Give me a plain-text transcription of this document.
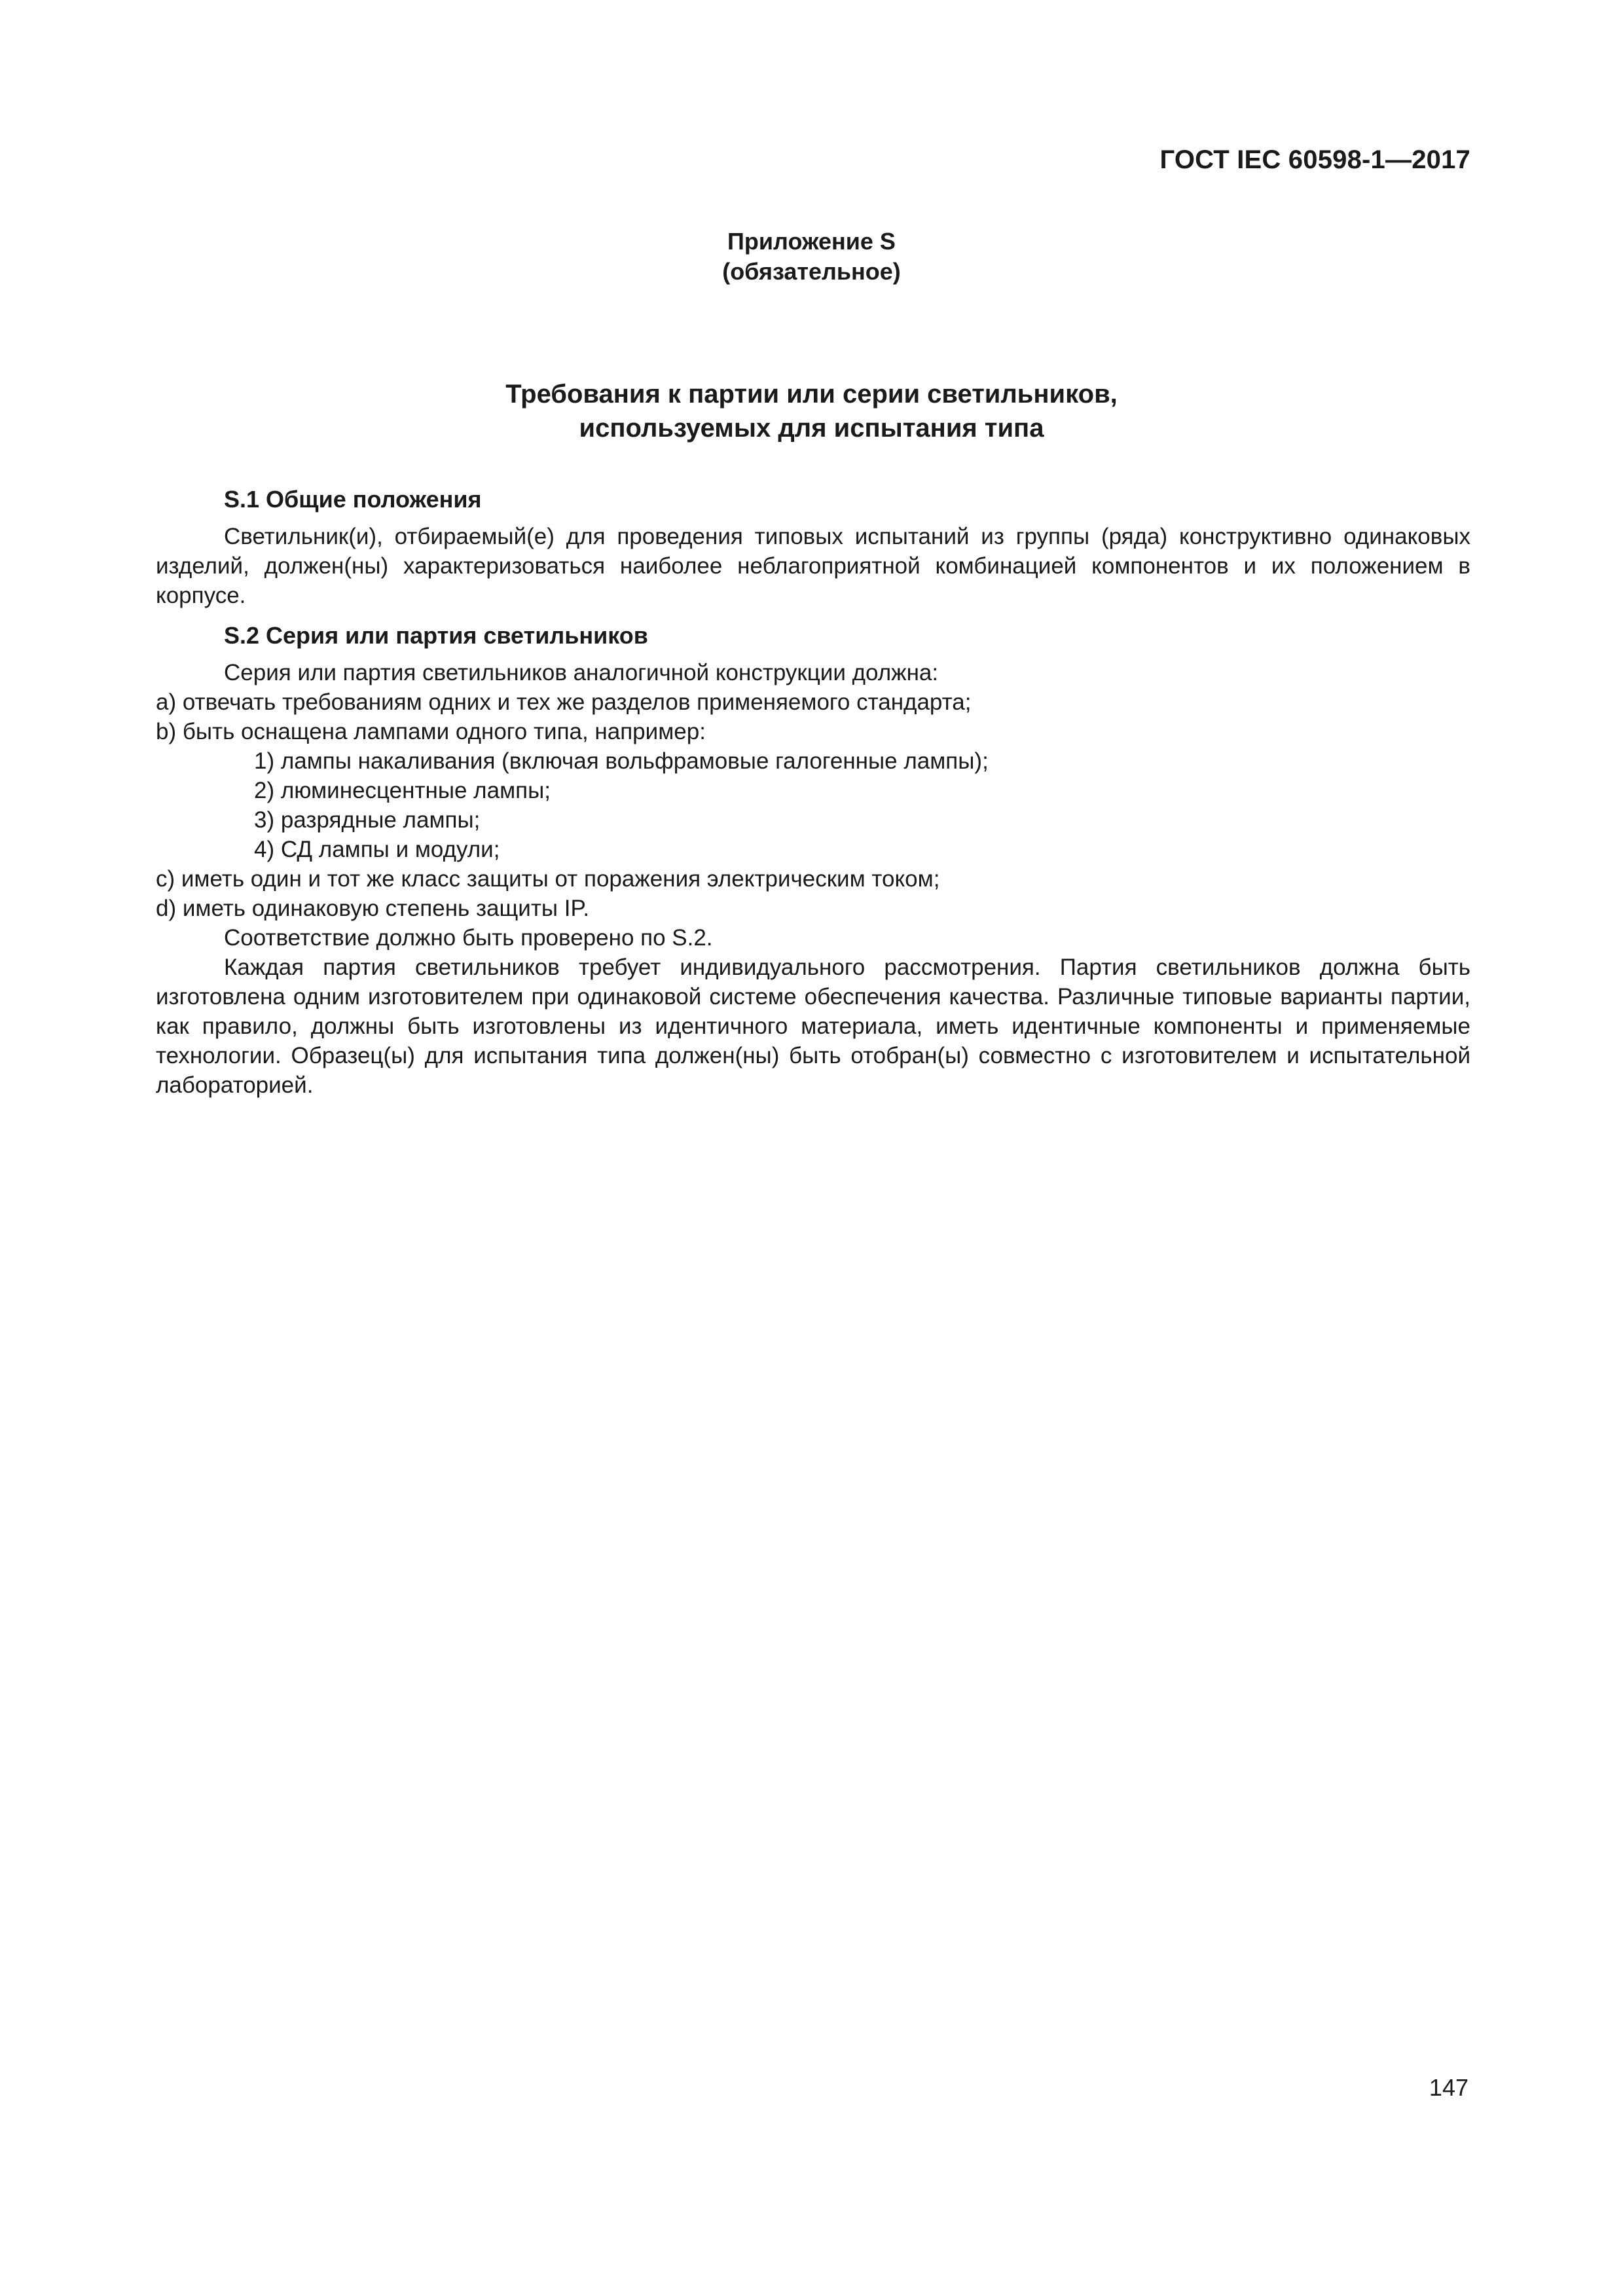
ГОСТ IEC 60598-1—2017
Приложение S
(обязательное)
Требования к партии или серии светильников,
используемых для испытания типа

S.1 Общие положения

Светильник(и), отбираемый(е) для проведения типовых испытаний из группы (ряда) конструктивно одинаковых изделий, должен(ны) характеризоваться наиболее неблагоприятной комбинацией компонентов и их положением в корпусе.

S.2 Серия или партия светильников

Серия или партия светильников аналогичной конструкции должна:

a) отвечать требованиям одних и тех же разделов применяемого стандарта;

b) быть оснащена лампами одного типа, например:

1) лампы накаливания (включая вольфрамовые галогенные лампы);

2) люминесцентные лампы;

3) разрядные лампы;

4) СД лампы и модули;

c) иметь один и тот же класс защиты от поражения электрическим током;

d) иметь одинаковую степень защиты IP.

Соответствие должно быть проверено по S.2.

Каждая партия светильников требует индивидуального рассмотрения. Партия светильников должна быть изготовлена одним изготовителем при одинаковой системе обеспечения качества. Различные типовые варианты партии, как правило, должны быть изготовлены из идентичного материала, иметь идентичные компоненты и применяемые технологии. Образец(ы) для испытания типа должен(ны) быть отобран(ы) совместно с изготовителем и испытательной лабораторией.

147
